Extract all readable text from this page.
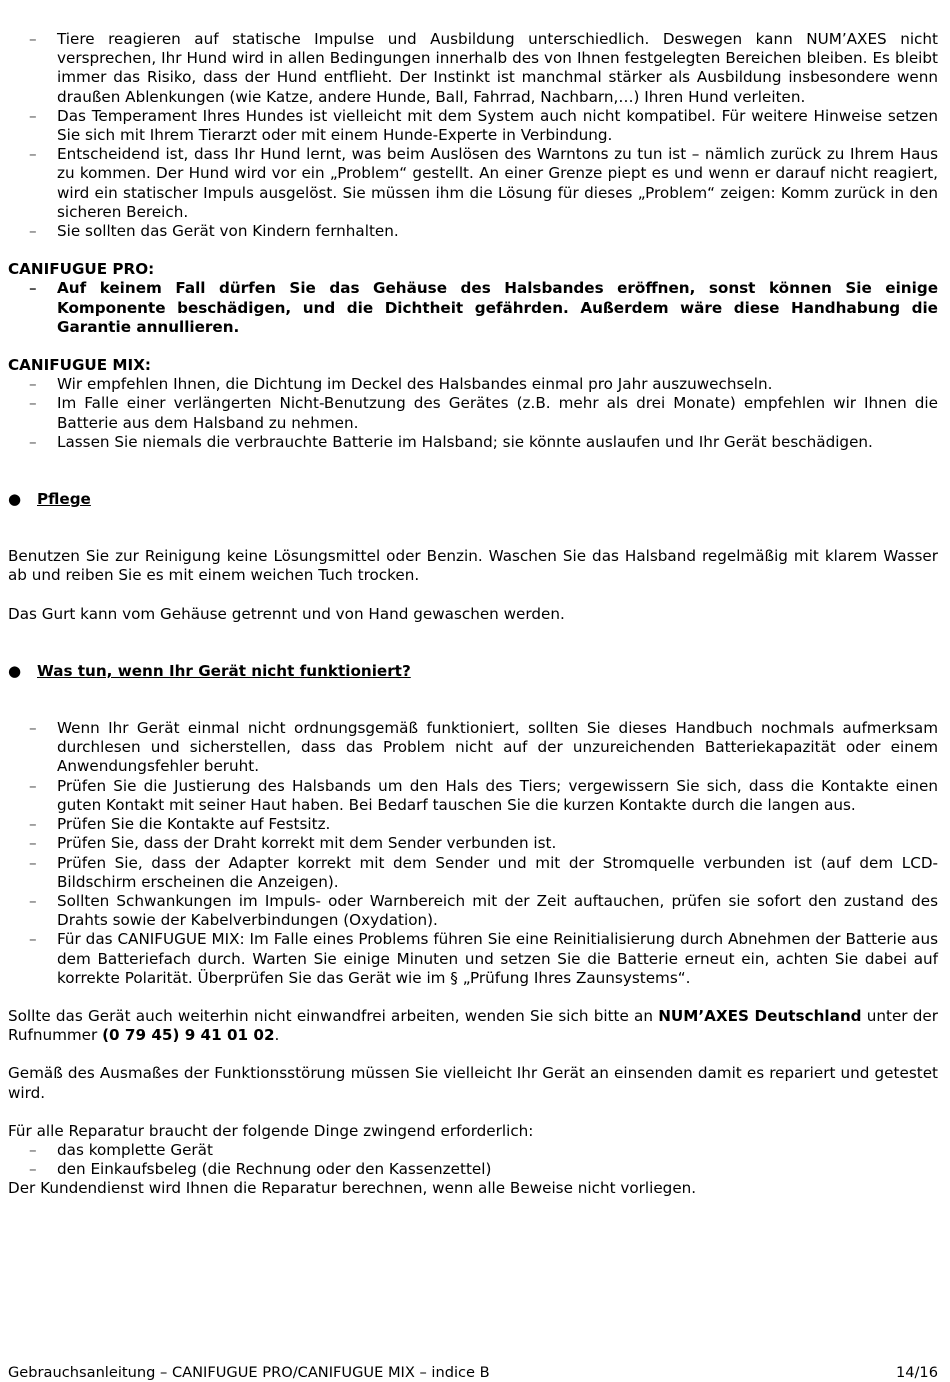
– Tiere reagieren auf statische Impulse und Ausbildung unterschiedlich. Deswegen kann NUM’AXES nicht versprechen, Ihr Hund wird in allen Bedingungen innerhalb des von Ihnen festgelegten Bereichen bleiben. Es bleibt immer das Risiko, dass der Hund entflieht. Der Instinkt ist manchmal stärker als Ausbildung insbesondere wenn draußen Ablenkungen (wie Katze, andere Hunde, Ball, Fahrrad, Nachbarn,…) Ihren Hund verleiten.
– Das Temperament Ihres Hundes ist vielleicht mit dem System auch nicht kompatibel. Für weitere Hinweise setzen Sie sich mit Ihrem Tierarzt oder mit einem Hunde-Experte in Verbindung.
– Entscheidend ist, dass Ihr Hund lernt, was beim Auslösen des Warntons zu tun ist – nämlich zurück zu Ihrem Haus zu kommen. Der Hund wird vor ein „Problem“ gestellt. An einer Grenze piept es und wenn er darauf nicht reagiert, wird ein statischer Impuls ausgelöst. Sie müssen ihm die Lösung für dieses „Problem“ zeigen: Komm zurück in den sicheren Bereich.
– Sie sollten das Gerät von Kindern fernhalten.

CANIFUGUE PRO:

– Auf keinem Fall dürfen Sie das Gehäuse des Halsbandes eröffnen, sonst können Sie einige Komponente beschädigen, und die Dichtheit gefährden. Außerdem wäre diese Handhabung die Garantie annullieren.

CANIFUGUE MIX:

– Wir empfehlen Ihnen, die Dichtung im Deckel des Halsbandes einmal pro Jahr auszuwechseln.
– Im Falle einer verlängerten Nicht-Benutzung des Gerätes (z.B. mehr als drei Monate) empfehlen wir Ihnen die Batterie aus dem Halsband zu nehmen.
– Lassen Sie niemals die verbrauchte Batterie im Halsband; sie könnte auslaufen und Ihr Gerät beschädigen.

● Pflege

Benutzen Sie zur Reinigung keine Lösungsmittel oder Benzin. Waschen Sie das Halsband regelmäßig mit klarem Wasser ab und reiben Sie es mit einem weichen Tuch trocken.

Das Gurt kann vom Gehäuse getrennt und von Hand gewaschen werden.

● Was tun, wenn Ihr Gerät nicht funktioniert?

– Wenn Ihr Gerät einmal nicht ordnungsgemäß funktioniert, sollten Sie dieses Handbuch nochmals aufmerksam durchlesen und sicherstellen, dass das Problem nicht auf der unzureichenden Batteriekapazität oder einem Anwendungsfehler beruht.
– Prüfen Sie die Justierung des Halsbands um den Hals des Tiers; vergewissern Sie sich, dass die Kontakte einen guten Kontakt mit seiner Haut haben. Bei Bedarf tauschen Sie die kurzen Kontakte durch die langen aus.
– Prüfen Sie die Kontakte auf Festsitz.
– Prüfen Sie, dass der Draht korrekt mit dem Sender verbunden ist.
– Prüfen Sie, dass der Adapter korrekt mit dem Sender und mit der Stromquelle verbunden ist (auf dem LCD-Bildschirm erscheinen die Anzeigen).
– Sollten Schwankungen im Impuls- oder Warnbereich mit der Zeit auftauchen, prüfen sie sofort den zustand des Drahts sowie der Kabelverbindungen (Oxydation).
– Für das CANIFUGUE MIX: Im Falle eines Problems führen Sie eine Reinitialisierung durch Abnehmen der Batterie aus dem Batteriefach durch. Warten Sie einige Minuten und setzen Sie die Batterie erneut ein, achten Sie dabei auf korrekte Polarität. Überprüfen Sie das Gerät wie im § „Prüfung Ihres Zaunsystems“.

Sollte das Gerät auch weiterhin nicht einwandfrei arbeiten, wenden Sie sich bitte an NUM’AXES Deutschland unter der Rufnummer (0 79 45) 9 41 01 02.

Gemäß des Ausmaßes der Funktionsstörung müssen Sie vielleicht Ihr Gerät an einsenden damit es repariert und getestet wird.

Für alle Reparatur braucht der folgende Dinge zwingend erforderlich:

– das komplette Gerät
– den Einkaufsbeleg (die Rechnung oder den Kassenzettel)

Der Kundendienst wird Ihnen die Reparatur berechnen, wenn alle Beweise nicht vorliegen.

Gebrauchsanleitung – CANIFUGUE PRO/CANIFUGUE MIX – indice B	14/16
